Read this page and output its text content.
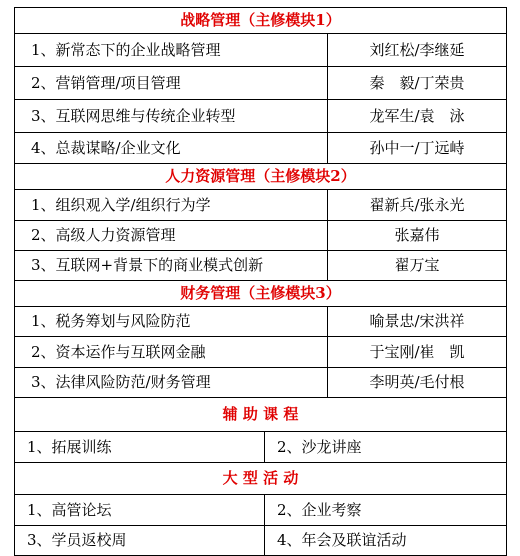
战略管理（主修模块1）		
1、新常态下的企业战略管理		刘红松/李继延
2、营销管理/项目管理		秦　毅/丁荣贵
3、互联网思维与传统企业转型		龙军生/袁　泳
4、总裁谋略/企业文化		孙中一/丁远峙
人力资源管理（主修模块2）		
1、组织观入学/组织行为学		翟新兵/张永光
2、高级人力资源管理		张嘉伟
3、互联网+背景下的商业模式创新		翟万宝
财务管理（主修模块3）		
1、税务筹划与风险防范		喻景忠/宋洪祥
2、资本运作与互联网金融		于宝刚/崔　凯
3、法律风险防范/财务管理		李明英/毛付根
辅 助 课 程		
1、拓展训练	2、沙龙讲座	
大 型 活 动		
1、高管论坛	2、企业考察	
3、学员返校周	4、年会及联谊活动	
